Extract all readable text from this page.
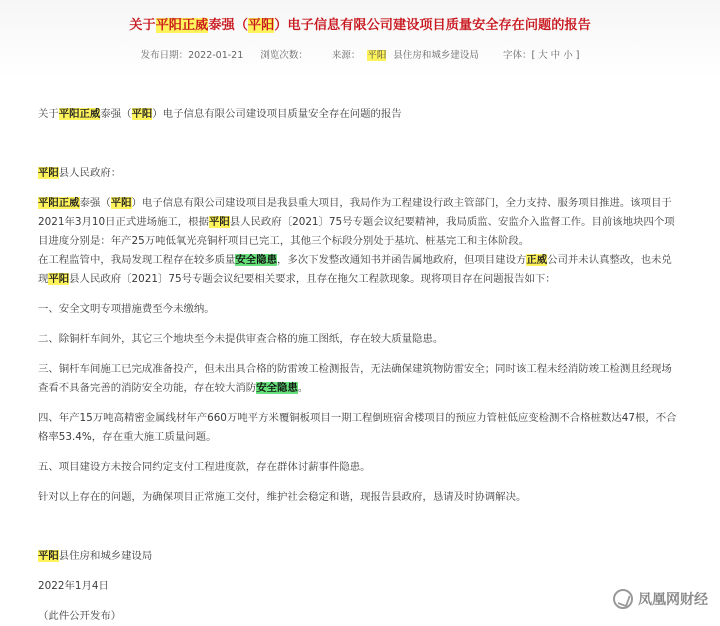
关于平阳正威泰强（平阳）电子信息有限公司建设项目质量安全存在问题的报告
发布日期：2022-01-21 浏览次数：	来源： 平阳 县住房和城乡建设局	字体：[ 大 中 小 ]

关于平阳正威泰强（平阳）电子信息有限公司建设项目质量安全存在问题的报告

平阳县人民政府：

平阳正威泰强（平阳）电子信息有限公司建设项目是我县重大项目，我局作为工程建设行政主管部门，全力支持、服务项目推进。该项目于2021年3月10日正式进场施工，根据平阳县人民政府〔2021〕75号专题会议纪要精神，我局质监、安监介入监督工作。目前该地块四个项目进度分别是：年产25万吨低氧光亮铜杆项目已完工，其他三个标段分别处于基坑、桩基完工和主体阶段。

在工程监管中，我局发现工程存在较多质量安全隐患，多次下发整改通知书并函告属地政府，但项目建设方正威公司并未认真整改，也未兑现平阳县人民政府〔2021〕75号专题会议纪要相关要求，且存在拖欠工程款现象。现将项目存在问题报告如下：

一、安全文明专项措施费至今未缴纳。

二、除铜杆车间外，其它三个地块至今未提供审查合格的施工图纸，存在较大质量隐患。

三、铜杆车间施工已完成准备投产，但未出具合格的防雷竣工检测报告，无法确保建筑物防雷安全；同时该工程未经消防竣工检测且经现场查看不具备完善的消防安全功能，存在较大消防安全隐患。

四、年产15万吨高精密金属线材年产660万吨平方米覆铜板项目一期工程倒班宿舍楼项目的预应力管桩低应变检测不合格桩数达47根，不合格率53.4%，存在重大施工质量问题。

五、项目建设方未按合同约定支付工程进度款，存在群体讨薪事件隐患。

针对以上存在的问题，为确保项目正常施工交付，维护社会稳定和谐，现报告县政府，恳请及时协调解决。

平阳县住房和城乡建设局

2022年1月4日

（此件公开发布）

凤凰网财经
